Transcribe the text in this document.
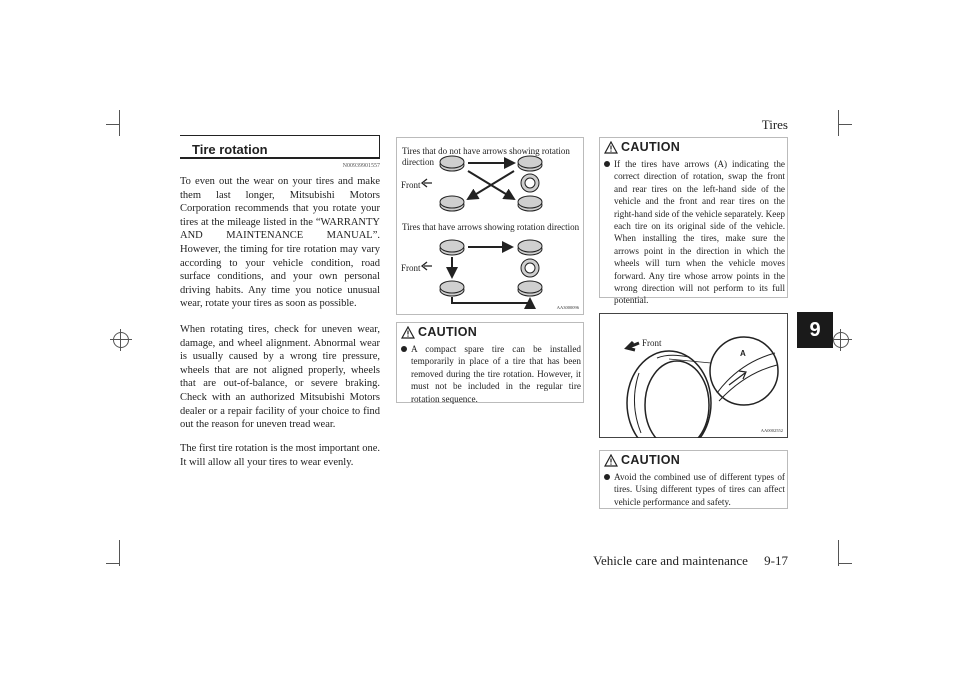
Tires
Vehicle care and maintenance     9-17
9
Tire rotation
N00939901557

To even out the wear on your tires and make them last longer, Mitsubishi Motors Corporation recommends that you rotate your tires at the mileage listed in the “WARRANTY AND MAINTENANCE MANUAL”. However, the timing for tire rotation may vary according to your vehicle condition, road surface conditions, and your own personal driving habits. Any time you notice unusual wear, rotate your tires as soon as possible.

When rotating tires, check for uneven wear, damage, and wheel alignment. Abnormal wear is usually caused by a wrong tire pressure, wheels that are not aligned properly, wheels that are out-of-balance, or severe braking. Check with an authorized Mitsubishi Motors dealer or a repair facility of your choice to find out the reason for uneven tread wear.

The first tire rotation is the most important one. It will allow all your tires to wear evenly.

Tires that do not have arrows showing rotation direction
Front
Tires that have arrows showing rotation direction
Front
AA3000096
CAUTION
A compact spare tire can be installed temporarily in place of a tire that has been removed during the tire rotation. However, it must not be included in the regular tire rotation sequence.
CAUTION
If the tires have arrows (A) indicating the correct direction of rotation, swap the front and rear tires on the left-hand side of the vehicle and the front and rear tires on the right-hand side of the vehicle separately. Keep each tire on its original side of the vehicle. When installing the tires, make sure the arrows point in the direction in which the wheels will turn when the vehicle moves forward. Any tire whose arrow points in the wrong direction will not perform to its full potential.
Front
A
AA0002552
CAUTION
Avoid the combined use of different types of tires. Using different types of tires can affect vehicle performance and safety.
